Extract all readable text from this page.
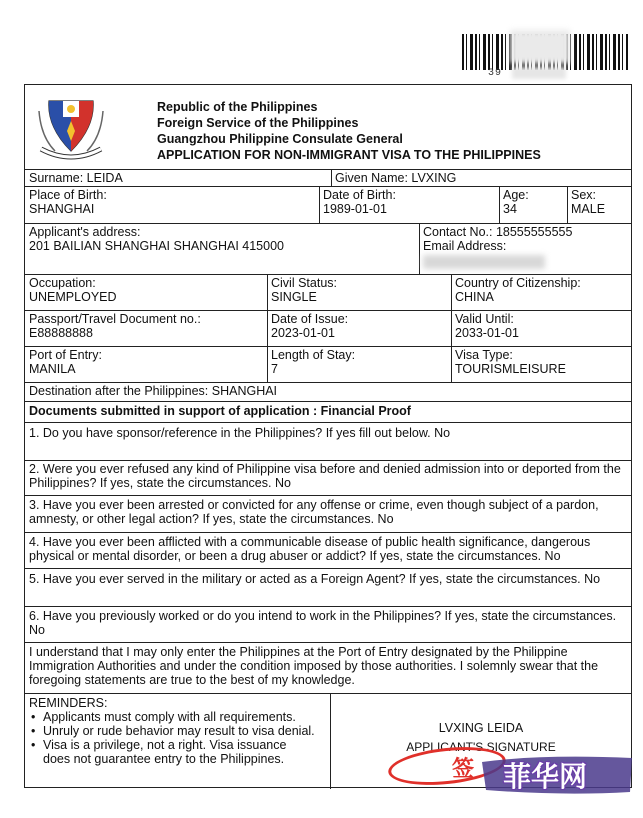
39
Republic of the Philippines
Foreign Service of the Philippines
Guangzhou Philippine Consulate General
APPLICATION FOR NON-IMMIGRANT VISA TO THE PHILIPPINES
Surname: LEIDA	Given Name: LVXING
Place of Birth:
SHANGHAI
Date of Birth:
1989-01-01
Age:
34
Sex:
MALE
Applicant's address:
201 BAILIAN SHANGHAI SHANGHAI 415000
Contact No.: 18555555555
Email Address:
Occupation:
UNEMPLOYED
Civil Status:
SINGLE
Country of Citizenship:
CHINA
Passport/Travel Document no.:
E88888888
Date of Issue:
2023-01-01
Valid Until:
2033-01-01
Port of Entry:
MANILA
Length of Stay:
7
Visa Type:
TOURISMLEISURE
Destination after the Philippines: SHANGHAI
Documents submitted in support of application : Financial Proof
1. Do you have sponsor/reference in the Philippines? If yes fill out below. No
2. Were you ever refused any kind of Philippine visa before and denied admission into or deported from the Philippines? If yes, state the circumstances. No
3. Have you ever been arrested or convicted for any offense or crime, even though subject of a pardon, amnesty, or other legal action? If yes, state the circumstances. No
4. Have you ever been afflicted with a communicable disease of public health significance, dangerous physical or mental disorder, or been a drug abuser or addict? If yes, state the circumstances. No
5. Have you ever served in the military or acted as a Foreign Agent? If yes, state the circumstances. No
6. Have you previously worked or do you intend to work in the Philippines? If yes, state the circumstances. No
I understand that I may only enter the Philippines at the Port of Entry designated by the Philippine Immigration Authorities and under the condition imposed by those authorities. I solemnly swear that the foregoing statements are true to the best of my knowledge.
REMINDERS:
• Applicants must comply with all requirements.
• Unruly or rude behavior may result to visa denial.
• Visa is a privilege, not a right. Visa issuance does not guarantee entry to the Philippines.
LVXING LEIDA
APPLICANT'S SIGNATURE
签 菲华网
